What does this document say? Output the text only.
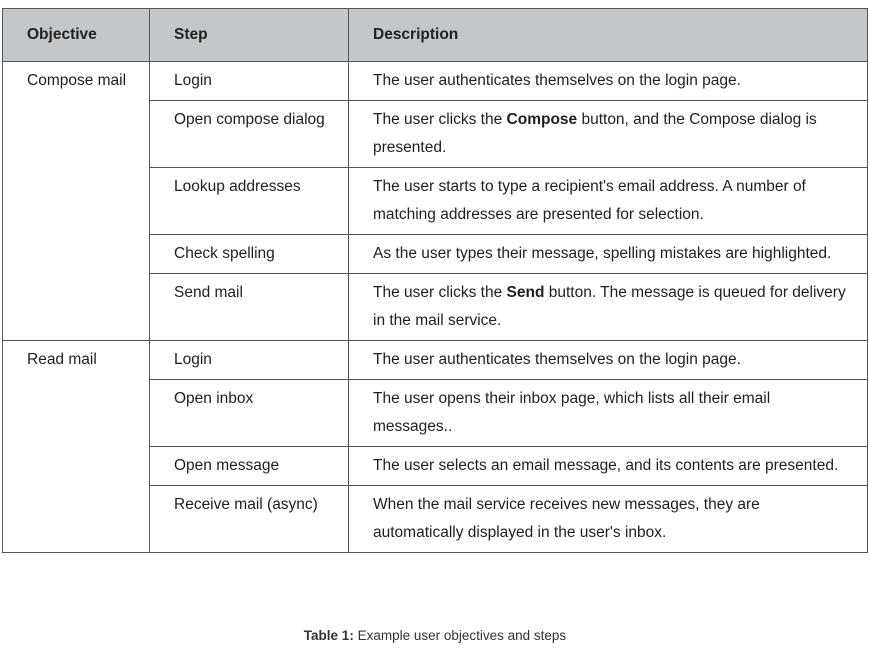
Objective	Step	Description
Compose mail	Login	The user authenticates themselves on the login page.
	Open compose dialog	The user clicks the Compose button, and the Compose dialog is presented.
	Lookup addresses	The user starts to type a recipient's email address. A number of matching addresses are presented for selection.
	Check spelling	As the user types their message, spelling mistakes are highlighted.
	Send mail	The user clicks the Send button. The message is queued for delivery in the mail service.
Read mail	Login	The user authenticates themselves on the login page.
	Open inbox	The user opens their inbox page, which lists all their email messages..
	Open message	The user selects an email message, and its contents are presented.
	Receive mail (async)	When the mail service receives new messages, they are automatically displayed in the user's inbox.
Table 1: Example user objectives and steps
